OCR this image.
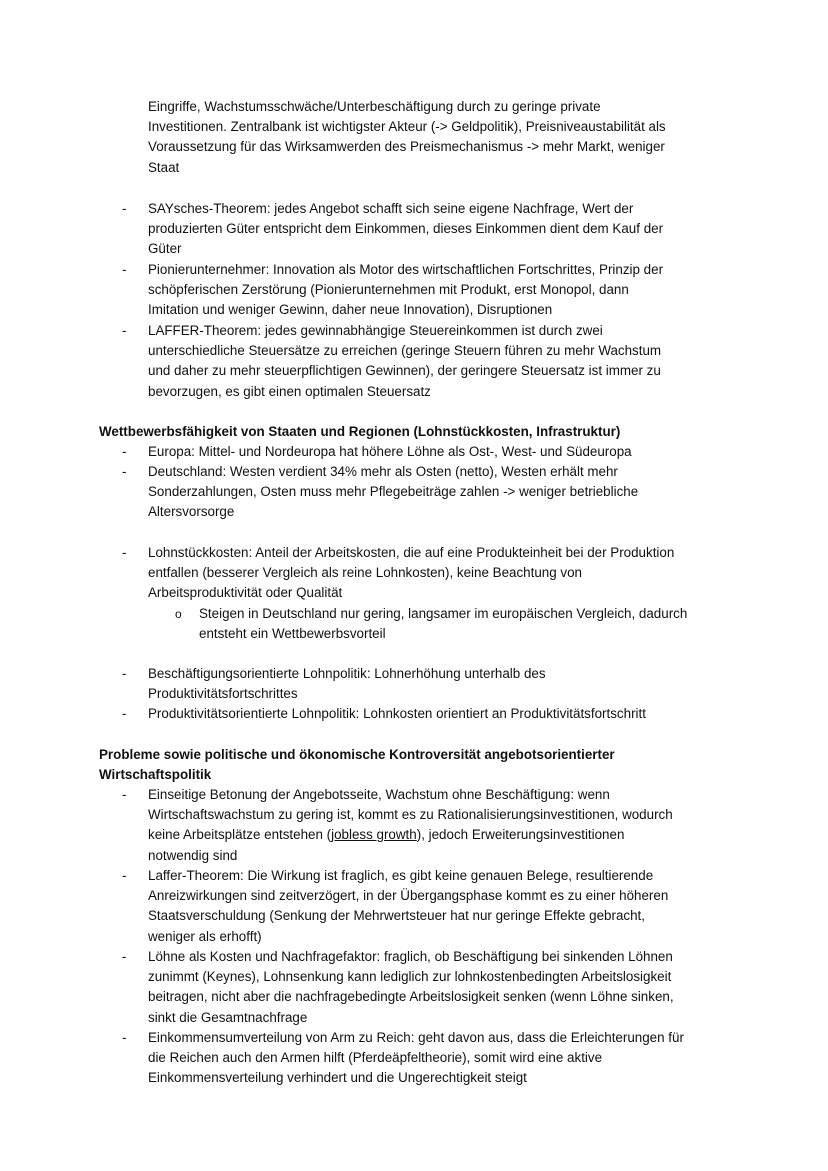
Eingriffe, Wachstumsschwäche/Unterbeschäftigung durch zu geringe private
Investitionen. Zentralbank ist wichtigster Akteur (-> Geldpolitik), Preisniveaustabilität als
Voraussetzung für das Wirksamwerden des Preismechanismus -> mehr Markt, weniger
Staat
- SAYsches-Theorem: jedes Angebot schafft sich seine eigene Nachfrage, Wert der
produzierten Güter entspricht dem Einkommen, dieses Einkommen dient dem Kauf der
Güter
- Pionierunternehmer: Innovation als Motor des wirtschaftlichen Fortschrittes, Prinzip der
schöpferischen Zerstörung (Pionierunternehmen mit Produkt, erst Monopol, dann
Imitation und weniger Gewinn, daher neue Innovation), Disruptionen
- LAFFER-Theorem: jedes gewinnabhängige Steuereinkommen ist durch zwei
unterschiedliche Steuersätze zu erreichen (geringe Steuern führen zu mehr Wachstum
und daher zu mehr steuerpflichtigen Gewinnen), der geringere Steuersatz ist immer zu
bevorzugen, es gibt einen optimalen Steuersatz
Wettbewerbsfähigkeit von Staaten und Regionen (Lohnstückkosten, Infrastruktur)
- Europa: Mittel- und Nordeuropa hat höhere Löhne als Ost-, West- und Südeuropa
- Deutschland: Westen verdient 34% mehr als Osten (netto), Westen erhält mehr
Sonderzahlungen, Osten muss mehr Pflegebeiträge zahlen -> weniger betriebliche
Altersvorsorge
- Lohnstückkosten: Anteil der Arbeitskosten, die auf eine Produkteinheit bei der Produktion
entfallen (besserer Vergleich als reine Lohnkosten), keine Beachtung von
Arbeitsproduktivität oder Qualität
o Steigen in Deutschland nur gering, langsamer im europäischen Vergleich, dadurch
entsteht ein Wettbewerbsvorteil
- Beschäftigungsorientierte Lohnpolitik: Lohnerhöhung unterhalb des
Produktivitätsfortschrittes
- Produktivitätsorientierte Lohnpolitik: Lohnkosten orientiert an Produktivitätsfortschritt
Probleme sowie politische und ökonomische Kontroversität angebotsorientierter
Wirtschaftspolitik
- Einseitige Betonung der Angebotsseite, Wachstum ohne Beschäftigung: wenn
Wirtschaftswachstum zu gering ist, kommt es zu Rationalisierungsinvestitionen, wodurch
keine Arbeitsplätze entstehen (jobless growth), jedoch Erweiterungsinvestitionen
notwendig sind
- Laffer-Theorem: Die Wirkung ist fraglich, es gibt keine genauen Belege, resultierende
Anreizwirkungen sind zeitverzögert, in der Übergangsphase kommt es zu einer höheren
Staatsverschuldung (Senkung der Mehrwertsteuer hat nur geringe Effekte gebracht,
weniger als erhofft)
- Löhne als Kosten und Nachfragefaktor: fraglich, ob Beschäftigung bei sinkenden Löhnen
zunimmt (Keynes), Lohnsenkung kann lediglich zur lohnkostenbedingten Arbeitslosigkeit
beitragen, nicht aber die nachfragebedingte Arbeitslosigkeit senken (wenn Löhne sinken,
sinkt die Gesamtnachfrage
- Einkommensumverteilung von Arm zu Reich: geht davon aus, dass die Erleichterungen für
die Reichen auch den Armen hilft (Pferdeäpfeltheorie), somit wird eine aktive
Einkommensverteilung verhindert und die Ungerechtigkeit steigt
